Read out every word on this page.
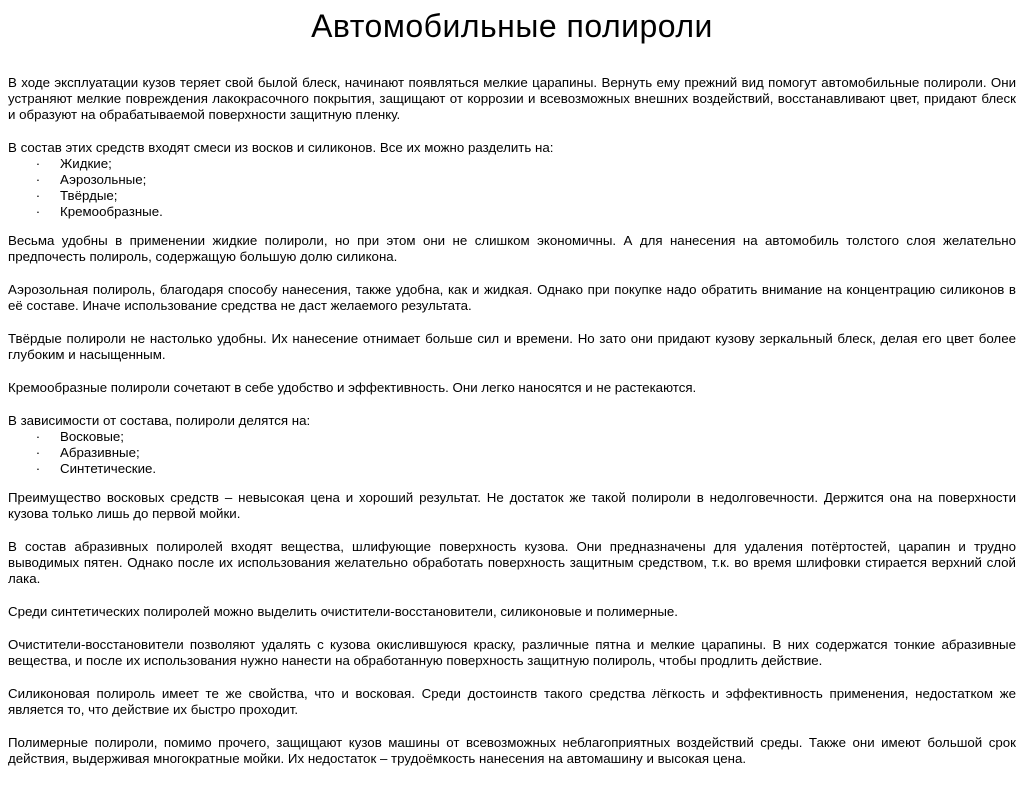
Автомобильные полироли

В ходе эксплуатации кузов теряет свой былой блеск, начинают появляться мелкие царапины. Вернуть ему прежний вид помогут автомобильные полироли. Они устраняют мелкие повреждения лакокрасочного покрытия, защищают от коррозии и всевозможных внешних воздействий, восстанавливают цвет, придают блеск и образуют на обрабатываемой поверхности защитную пленку.

В состав этих средств входят смеси из восков и силиконов. Все их можно разделить на:

· Жидкие;
· Аэрозольные;
· Твёрдые;
· Кремообразные.

Весьма удобны в применении жидкие полироли, но при этом они не слишком экономичны. А для нанесения на автомобиль толстого слоя желательно предпочесть полироль, содержащую большую долю силикона.

Аэрозольная полироль, благодаря способу нанесения, также удобна, как и жидкая. Однако при покупке надо обратить внимание на концентрацию силиконов в её составе. Иначе использование средства не даст желаемого результата.

Твёрдые полироли не настолько удобны. Их нанесение отнимает больше сил и времени. Но зато они придают кузову зеркальный блеск, делая его цвет более глубоким и насыщенным.

Кремообразные полироли сочетают в себе удобство и эффективность. Они легко наносятся и не растекаются.

В зависимости от состава, полироли делятся на:

· Восковые;
· Абразивные;
· Синтетические.

Преимущество восковых средств – невысокая цена и хороший результат. Не достаток же такой полироли в недолговечности. Держится она на поверхности кузова только лишь до первой мойки.

В состав абразивных полиролей входят вещества, шлифующие поверхность кузова. Они предназначены для удаления потёртостей, царапин и трудно выводимых пятен. Однако после их использования желательно обработать поверхность защитным средством, т.к. во время шлифовки стирается верхний слой лака.

Среди синтетических полиролей можно выделить очистители-восстановители, силиконовые и полимерные.

Очистители-восстановители позволяют удалять с кузова окислившуюся краску, различные пятна и мелкие царапины. В них содержатся тонкие абразивные вещества, и после их использования нужно нанести на обработанную поверхность защитную полироль, чтобы продлить действие.

Силиконовая полироль имеет те же свойства, что и восковая. Среди достоинств такого средства лёгкость и эффективность применения, недостатком же является то, что действие их быстро проходит.

Полимерные полироли, помимо прочего, защищают кузов машины от всевозможных неблагоприятных воздействий среды. Также они имеют большой срок действия, выдерживая многократные мойки. Их недостаток – трудоёмкость нанесения на автомашину и высокая цена.
